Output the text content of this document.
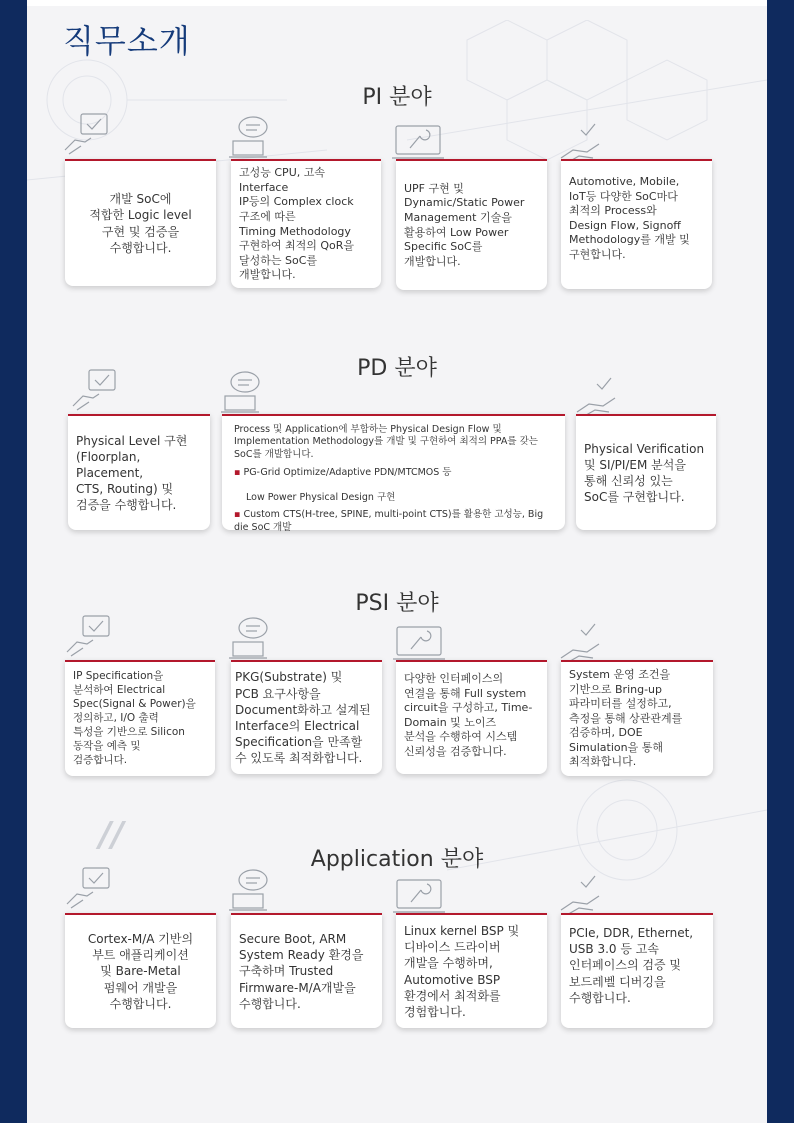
직무소개
PI 분야
개발 SoC에
적합한 Logic level
구현 및 검증을
수행합니다.
고성능 CPU, 고속
Interface
IP등의 Complex clock
구조에 따른
Timing Methodology
구현하여 최적의 QoR을
달성하는 SoC를
개발합니다.
UPF 구현 및
Dynamic/Static Power
Management 기술을
활용하여 Low Power
Specific SoC를
개발합니다.
Automotive, Mobile,
IoT등 다양한 SoC마다
최적의 Process와
Design Flow, Signoff
Methodology를 개발 및
구현합니다.
PD 분야
Physical Level 구현
(Floorplan, Placement,
CTS, Routing) 및
검증을 수행합니다.
Process 및 Application에 부합하는 Physical Design Flow 및 Implementation Methodology를 개발 및 구현하여 최적의 PPA를 갖는 SoC를 개발합니다.
▪ PG-Grid Optimize/Adaptive PDN/MTCMOS 등
Low Power Physical Design 구현
▪ Custom CTS(H-tree, SPINE, multi-point CTS)를 활용한 고성능, Big die SoC 개발
Physical Verification
및 SI/PI/EM 분석을
통해 신뢰성 있는
SoC를 구현합니다.
PSI 분야
IP Specification을
분석하여 Electrical
Spec(Signal & Power)을
정의하고, I/O 출력
특성을 기반으로 Silicon
동작을 예측 및
검증합니다.
PKG(Substrate) 및
PCB 요구사항을
Document화하고 설계된
Interface의 Electrical
Specification을 만족할
수 있도록 최적화합니다.
다양한 인터페이스의
연결을 통해 Full system
circuit을 구성하고, Time-
Domain 및 노이즈
분석을 수행하여 시스템
신뢰성을 검증합니다.
System 운영 조건을
기반으로 Bring-up
파라미터를 설정하고,
측정을 통해 상관관계를
검증하며, DOE
Simulation을 통해
최적화합니다.
//
Application 분야
Cortex-M/A 기반의
부트 애플리케이션
및 Bare-Metal
펌웨어 개발을
수행합니다.
Secure Boot, ARM
System Ready 환경을
구축하며 Trusted
Firmware-M/A개발을
수행합니다.
Linux kernel BSP 및
디바이스 드라이버
개발을 수행하며,
Automotive BSP
환경에서 최적화를
경험합니다.
PCIe, DDR, Ethernet,
USB 3.0 등 고속
인터페이스의 검증 및
보드레벨 디버깅을
수행합니다.
